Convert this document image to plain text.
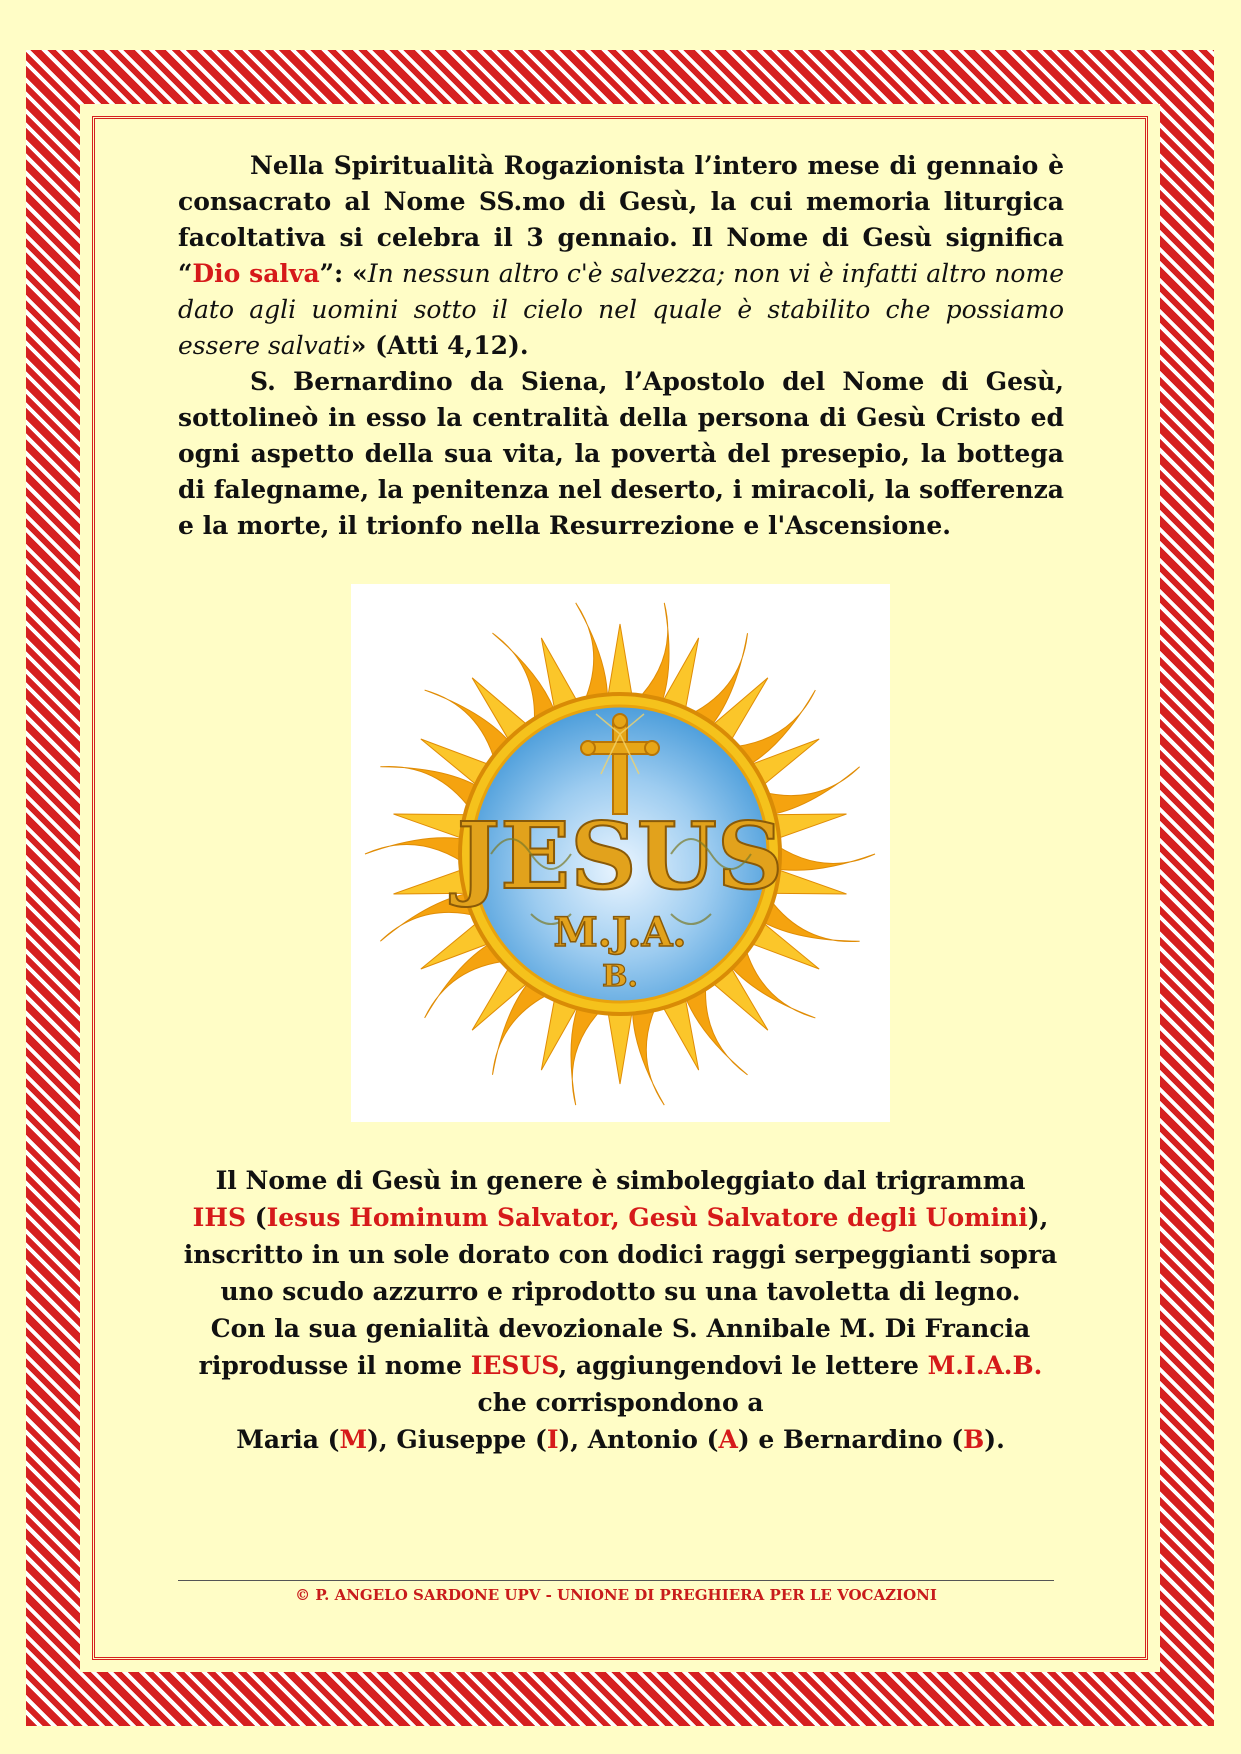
Nella Spiritualità Rogazionista l’intero mese di gennaio è consacrato al Nome SS.mo di Gesù, la cui memoria liturgica facoltativa si celebra il 3 gennaio. Il Nome di Gesù significa “Dio salva”: «In nessun altro c'è salvezza; non vi è infatti altro nome dato agli uomini sotto il cielo nel quale è stabilito che possiamo essere salvati» (Atti 4,12).

S. Bernardino da Siena, l’Apostolo del Nome di Gesù, sottolineò in esso la centralità della persona di Gesù Cristo ed ogni aspetto della sua vita, la povertà del presepio, la bottega di falegname, la penitenza nel deserto, i miracoli, la sofferenza e la morte, il trionfo nella Resurrezione e l'Ascensione.

JESUS
M.J.A.
B.
Il Nome di Gesù in genere è simboleggiato dal trigramma
IHS (Iesus Hominum Salvator, Gesù Salvatore degli Uomini),
inscritto in un sole dorato con dodici raggi serpeggianti sopra
uno scudo azzurro e riprodotto su una tavoletta di legno.
Con la sua genialità devozionale S. Annibale M. Di Francia
riprodusse il nome IESUS, aggiungendovi le lettere M.I.A.B.
che corrispondono a
Maria (M), Giuseppe (I), Antonio (A) e Bernardino (B).
© P. ANGELO SARDONE UPV - UNIONE DI PREGHIERA PER LE VOCAZIONI
